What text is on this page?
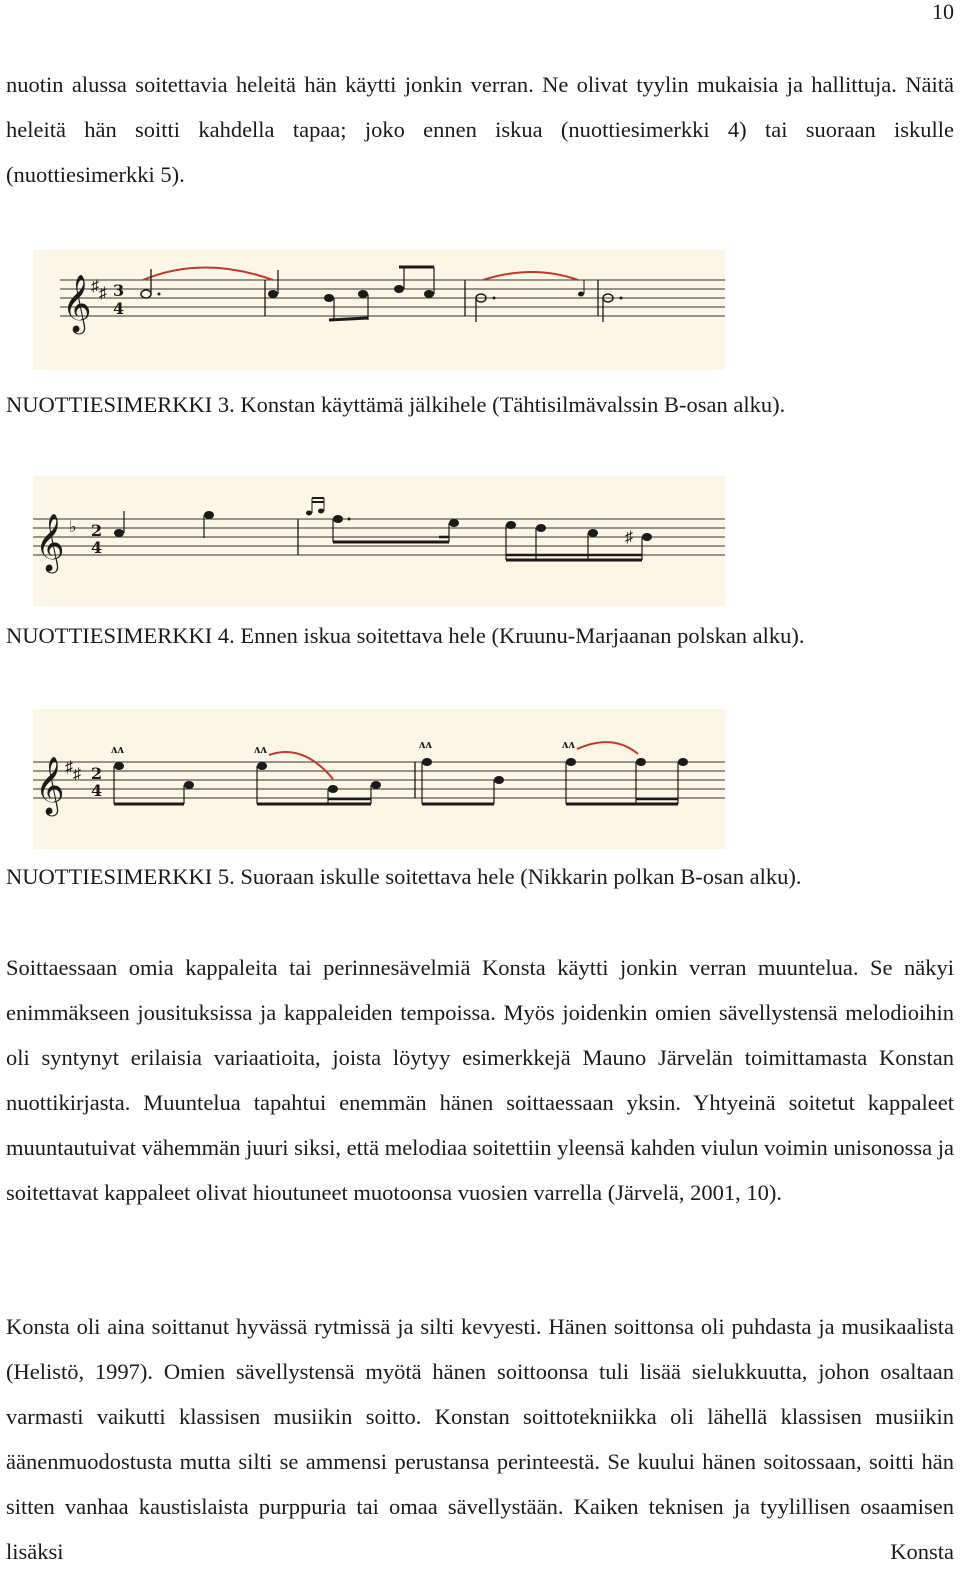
10

nuotin alussa soitettavia heleitä hän käytti jonkin verran. Ne olivat tyylin mukaisia ja hallittuja. Näitä heleitä hän soitti kahdella tapaa; joko ennen iskua (nuottiesimerkki 4) tai suoraan iskulle (nuottiesimerkki 5).

𝄞 ♯ ♯ 3
4

NUOTTIESIMERKKI 3. Konstan käyttämä jälkihele (Tähtisilmävalssin B-osan alku).

𝄞 ♭ 2
4
♯

NUOTTIESIMERKKI 4. Ennen iskua soitettava hele (Kruunu-Marjaanan polskan alku).

𝄞 ♯ ♯ 2
4
ʌʌ	ʌʌ	ʌʌ	ʌʌ

NUOTTIESIMERKKI 5. Suoraan iskulle soitettava hele (Nikkarin polkan B-osan alku).

Soittaessaan omia kappaleita tai perinnesävelmiä Konsta käytti jonkin verran muuntelua. Se näkyi enimmäkseen jousituksissa ja kappaleiden tempoissa. Myös joidenkin omien sävellystensä melodioihin oli syntynyt erilaisia variaatioita, joista löytyy esimerkkejä Mauno Järvelän toimittamasta Konstan nuottikirjasta. Muuntelua tapahtui enemmän hänen soittaessaan yksin. Yhtyeinä soitetut kappaleet muuntautuivat vähemmän juuri siksi, että melodiaa soitettiin yleensä kahden viulun voimin unisonossa ja soitettavat kappaleet olivat hioutuneet muotoonsa vuosien varrella (Järvelä, 2001, 10).

Konsta oli aina soittanut hyvässä rytmissä ja silti kevyesti. Hänen soittonsa oli puhdasta ja musikaalista (Helistö, 1997). Omien sävellystensä myötä hänen soittoonsa tuli lisää sielukkuutta, johon osaltaan varmasti vaikutti klassisen musiikin soitto. Konstan soittotekniikka oli lähellä klassisen musiikin äänenmuodostusta mutta silti se ammensi perustansa perinteestä. Se kuului hänen soitossaan, soitti hän sitten vanhaa kaustislaista purppuria tai omaa sävellystään. Kaiken teknisen ja tyylillisen osaamisen lisäksi Konsta
